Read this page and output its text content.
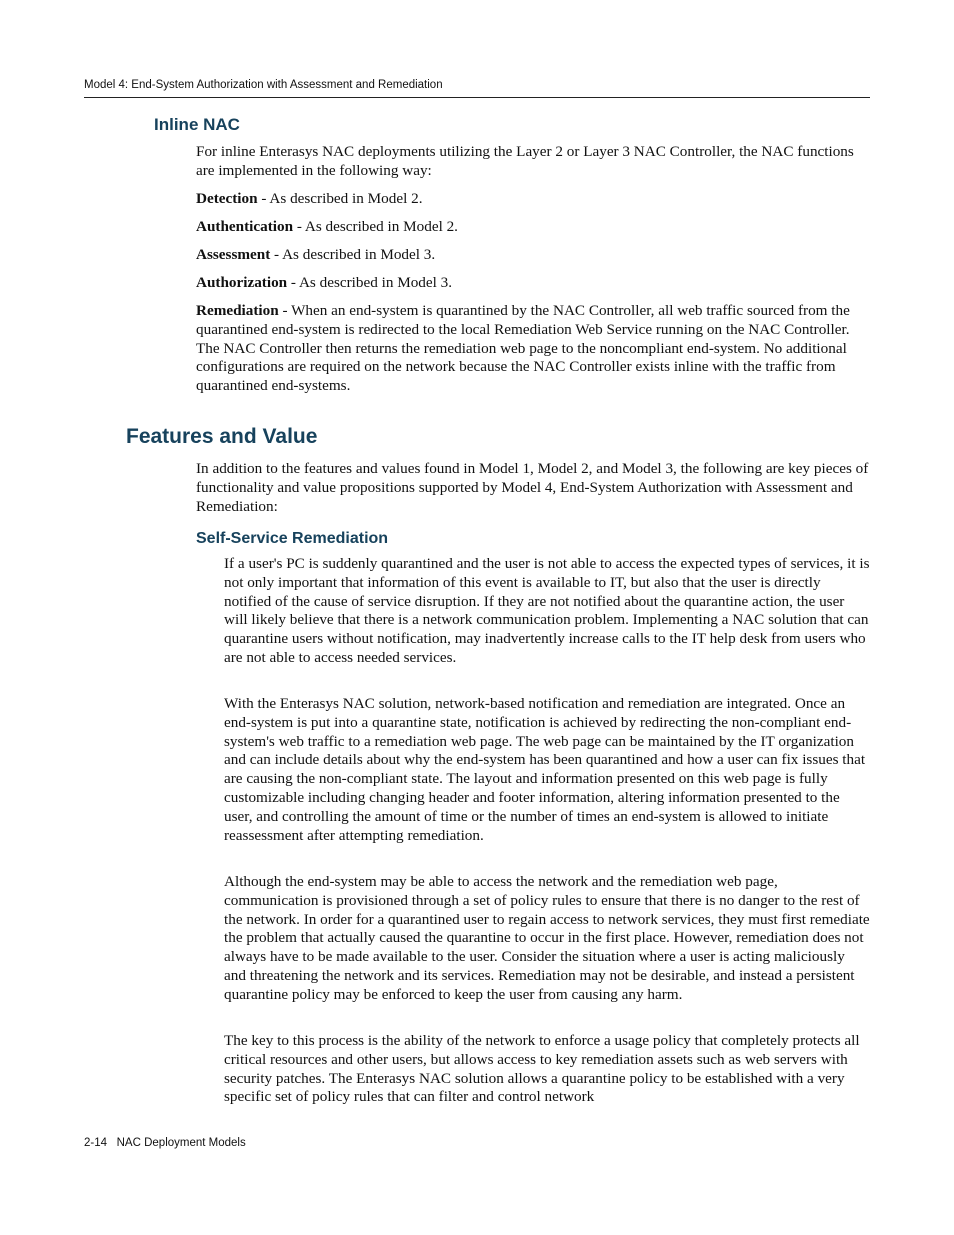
Model 4: End-System Authorization with Assessment and Remediation
Inline NAC

For inline Enterasys NAC deployments utilizing the Layer 2 or Layer 3 NAC Controller, the NAC functions are implemented in the following way:

Detection - As described in Model 2.

Authentication - As described in Model 2.

Assessment - As described in Model 3.

Authorization - As described in Model 3.

Remediation - When an end-system is quarantined by the NAC Controller, all web traffic sourced from the quarantined end-system is redirected to the local Remediation Web Service running on the NAC Controller. The NAC Controller then returns the remediation web page to the noncompliant end-system. No additional configurations are required on the network because the NAC Controller exists inline with the traffic from quarantined end-systems.

Features and Value

In addition to the features and values found in Model 1, Model 2, and Model 3, the following are key pieces of functionality and value propositions supported by Model 4, End-System Authorization with Assessment and Remediation:

Self-Service Remediation

If a user's PC is suddenly quarantined and the user is not able to access the expected types of services, it is not only important that information of this event is available to IT, but also that the user is directly notified of the cause of service disruption. If they are not notified about the quarantine action, the user will likely believe that there is a network communication problem. Implementing a NAC solution that can quarantine users without notification, may inadvertently increase calls to the IT help desk from users who are not able to access needed services.

With the Enterasys NAC solution, network-based notification and remediation are integrated. Once an end-system is put into a quarantine state, notification is achieved by redirecting the non-compliant end-system's web traffic to a remediation web page. The web page can be maintained by the IT organization and can include details about why the end-system has been quarantined and how a user can fix issues that are causing the non-compliant state. The layout and information presented on this web page is fully customizable including changing header and footer information, altering information presented to the user, and controlling the amount of time or the number of times an end-system is allowed to initiate reassessment after attempting remediation.

Although the end-system may be able to access the network and the remediation web page, communication is provisioned through a set of policy rules to ensure that there is no danger to the rest of the network. In order for a quarantined user to regain access to network services, they must first remediate the problem that actually caused the quarantine to occur in the first place. However, remediation does not always have to be made available to the user. Consider the situation where a user is acting maliciously and threatening the network and its services. Remediation may not be desirable, and instead a persistent quarantine policy may be enforced to keep the user from causing any harm.

The key to this process is the ability of the network to enforce a usage policy that completely protects all critical resources and other users, but allows access to key remediation assets such as web servers with security patches. The Enterasys NAC solution allows a quarantine policy to be established with a very specific set of policy rules that can filter and control network

2-14 NAC Deployment Models
